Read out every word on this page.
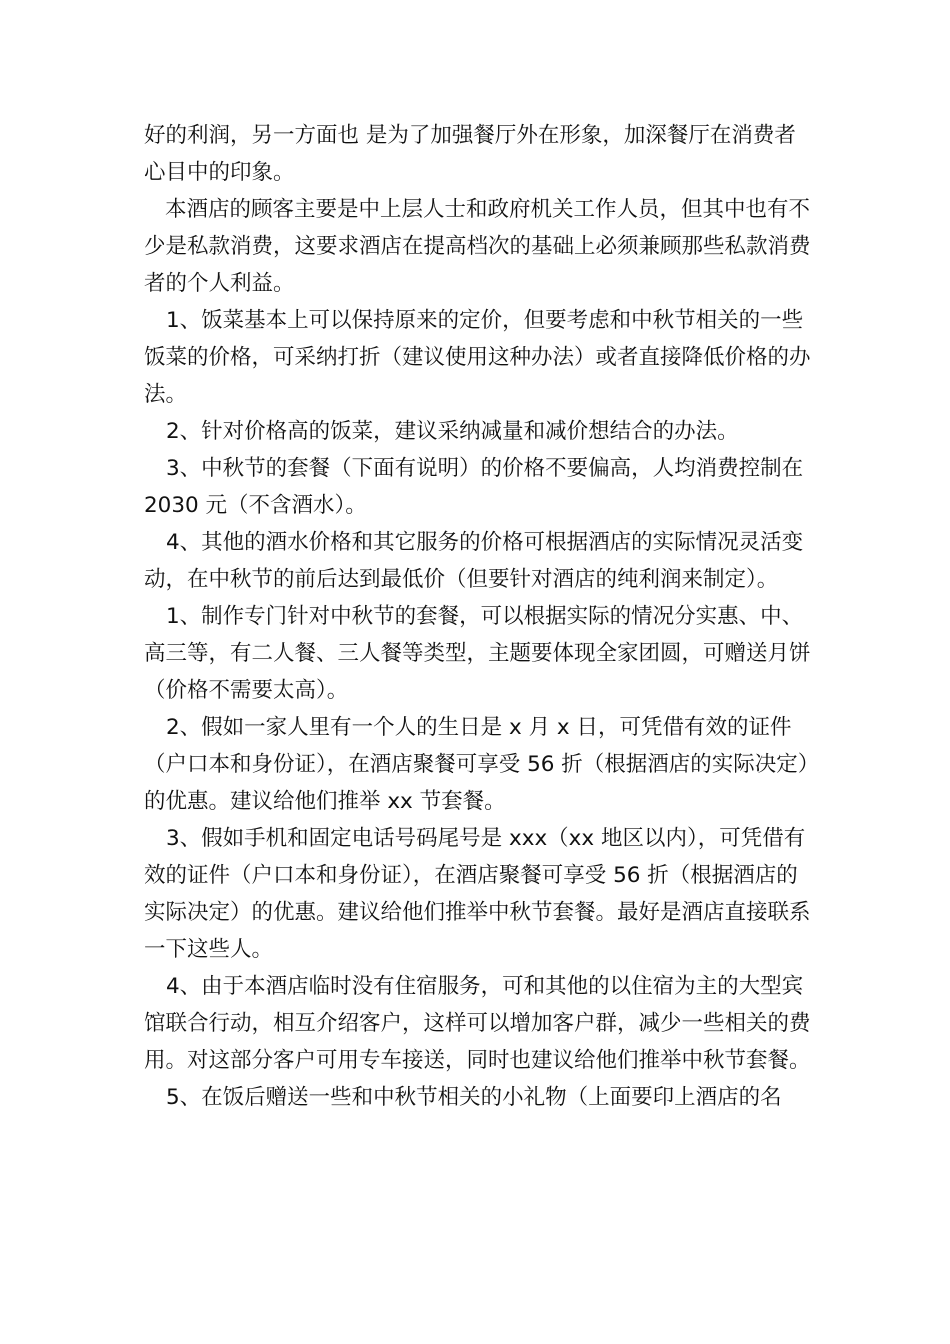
好的利润，另一方面也 是为了加强餐厅外在形象，加深餐厅在消费者心目中的印象。

本酒店的顾客主要是中上层人士和政府机关工作人员，但其中也有不少是私款消费，这要求酒店在提高档次的基础上必须兼顾那些私款消费者的个人利益。

1、饭菜基本上可以保持原来的定价，但要考虑和中秋节相关的一些饭菜的价格，可采纳打折（建议使用这种办法）或者直接降低价格的办法。

2、针对价格高的饭菜，建议采纳减量和减价想结合的办法。

3、中秋节的套餐（下面有说明）的价格不要偏高，人均消费控制在 2030 元（不含酒水）。

4、其他的酒水价格和其它服务的价格可根据酒店的实际情况灵活变动，在中秋节的前后达到最低价（但要针对酒店的纯利润来制定）。

1、制作专门针对中秋节的套餐，可以根据实际的情况分实惠、中、高三等，有二人餐、三人餐等类型，主题要体现全家团圆，可赠送月饼（价格不需要太高）。

2、假如一家人里有一个人的生日是 x 月 x 日，可凭借有效的证件（户口本和身份证），在酒店聚餐可享受 56 折（根据酒店的实际决定）的优惠。建议给他们推举 xx 节套餐。

3、假如手机和固定电话号码尾号是 xxx（xx 地区以内），可凭借有效的证件（户口本和身份证），在酒店聚餐可享受 56 折（根据酒店的实际决定）的优惠。建议给他们推举中秋节套餐。最好是酒店直接联系一下这些人。

4、由于本酒店临时没有住宿服务，可和其他的以住宿为主的大型宾馆联合行动，相互介绍客户，这样可以增加客户群，减少一些相关的费用。对这部分客户可用专车接送，同时也建议给他们推举中秋节套餐。

5、在饭后赠送一些和中秋节相关的小礼物（上面要印上酒店的名
